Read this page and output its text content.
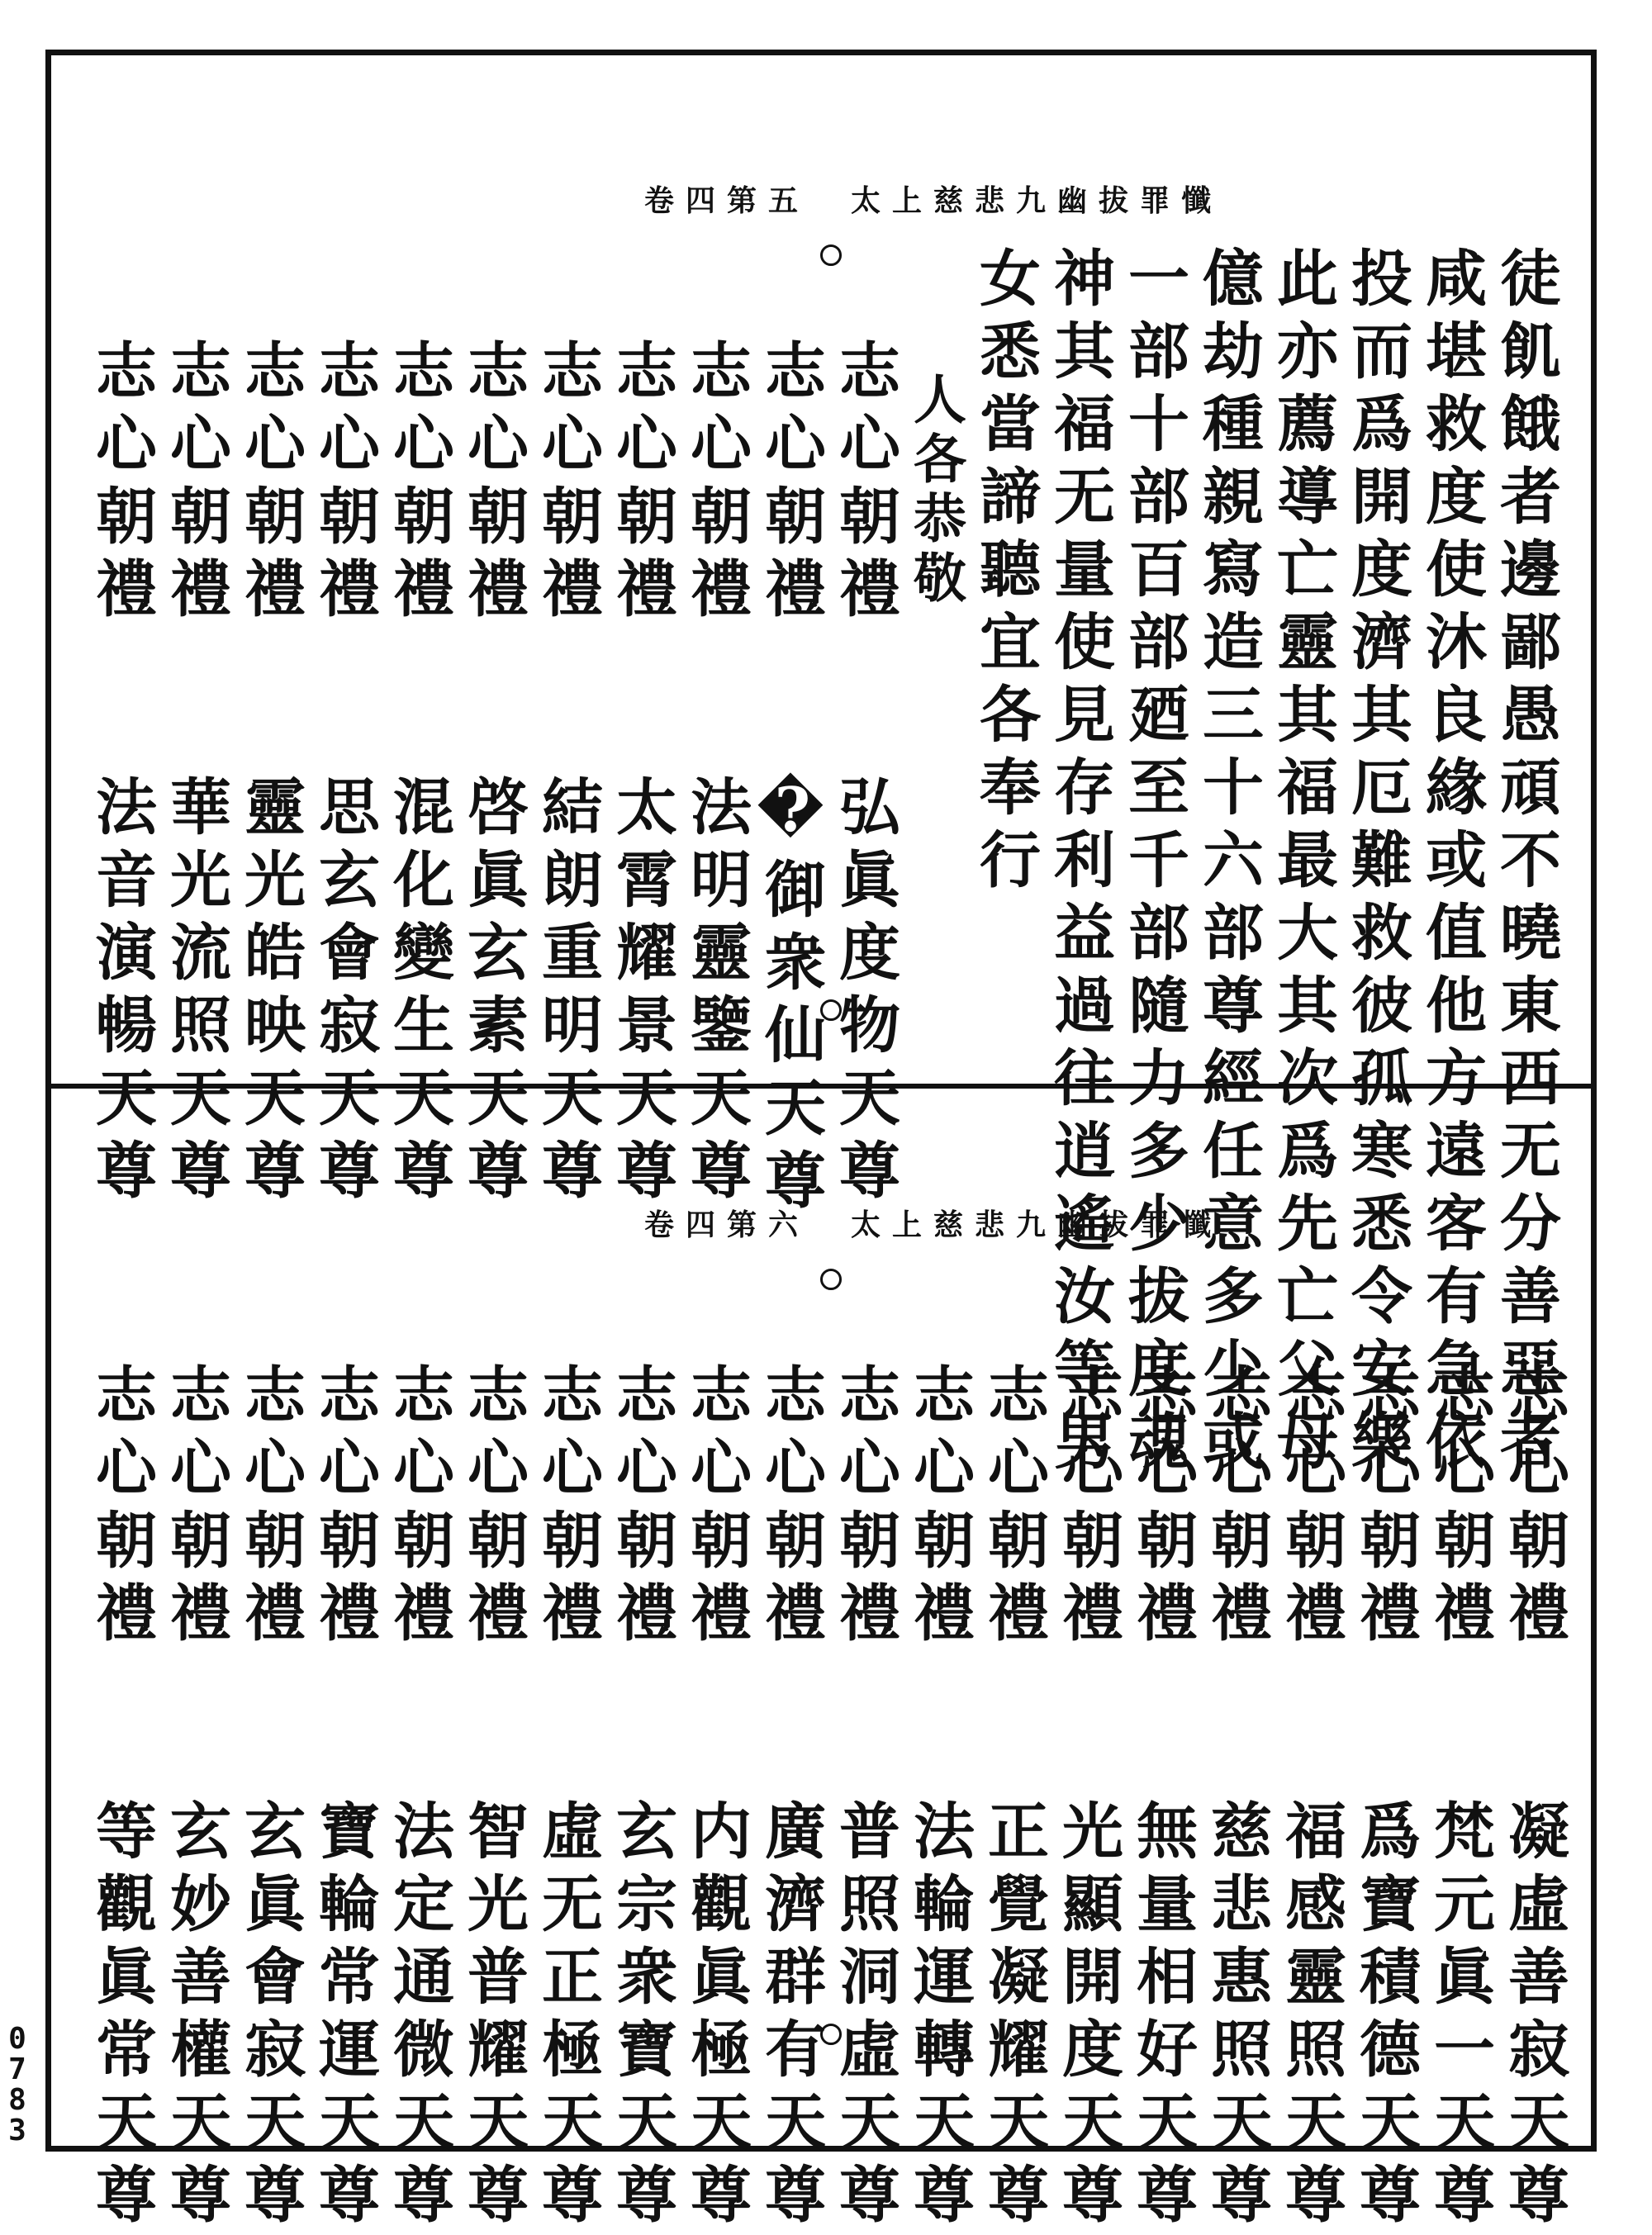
卷四第五 太上慈悲九幽拔罪懺
徒飢餓者邊鄙愚頑不曉東西无分善惡者
咸堪救度使沐良緣或值他方遠客有急依
投而爲開度濟其厄難救彼孤寒悉令安樂
此亦薦導亡靈其福最大其次爲先亡父母
億劫種親寫造三十六部尊經任意多少或
一部十部百部廼至千部隨力多少拔度魂
神其福无量使見存利益過往逍遙汝等男
女悉當諦聽宜各奉行
人各恭敬
志心朝禮　　弘眞度物天尊
志心朝禮　　�御衆仙天尊
志心朝禮　　法明靈鑒天尊
志心朝禮　　太霄耀景天尊
志心朝禮　　結朗重明天尊
志心朝禮　　啓眞玄素天尊
志心朝禮　　混化變生天尊
志心朝禮　　思玄會寂天尊
志心朝禮　　靈光皓映天尊
志心朝禮　　華光流照天尊
志心朝禮　　法音演暢天尊
卷四第六 太上慈悲九幽拔罪懺
志心朝禮　　凝虛善寂天尊
志心朝禮　　梵元眞一天尊
志心朝禮　　爲寶積德天尊
志心朝禮　　福感靈照天尊
志心朝禮　　慈悲惠照天尊
志心朝禮　　無量相好天尊
志心朝禮　　光顯開度天尊
志心朝禮　　正覺凝耀天尊
志心朝禮　　法輪運轉天尊
志心朝禮　　普照洞虛天尊
志心朝禮　　廣濟群有天尊
志心朝禮　　内觀眞極天尊
志心朝禮　　玄宗衆寶天尊
志心朝禮　　虛无正極天尊
志心朝禮　　智光普耀天尊
志心朝禮　　法定通微天尊
志心朝禮　　寶輪常運天尊
志心朝禮　　玄眞會寂天尊
志心朝禮　　玄妙善權天尊
志心朝禮　　等觀眞常天尊
0
7
8
3
